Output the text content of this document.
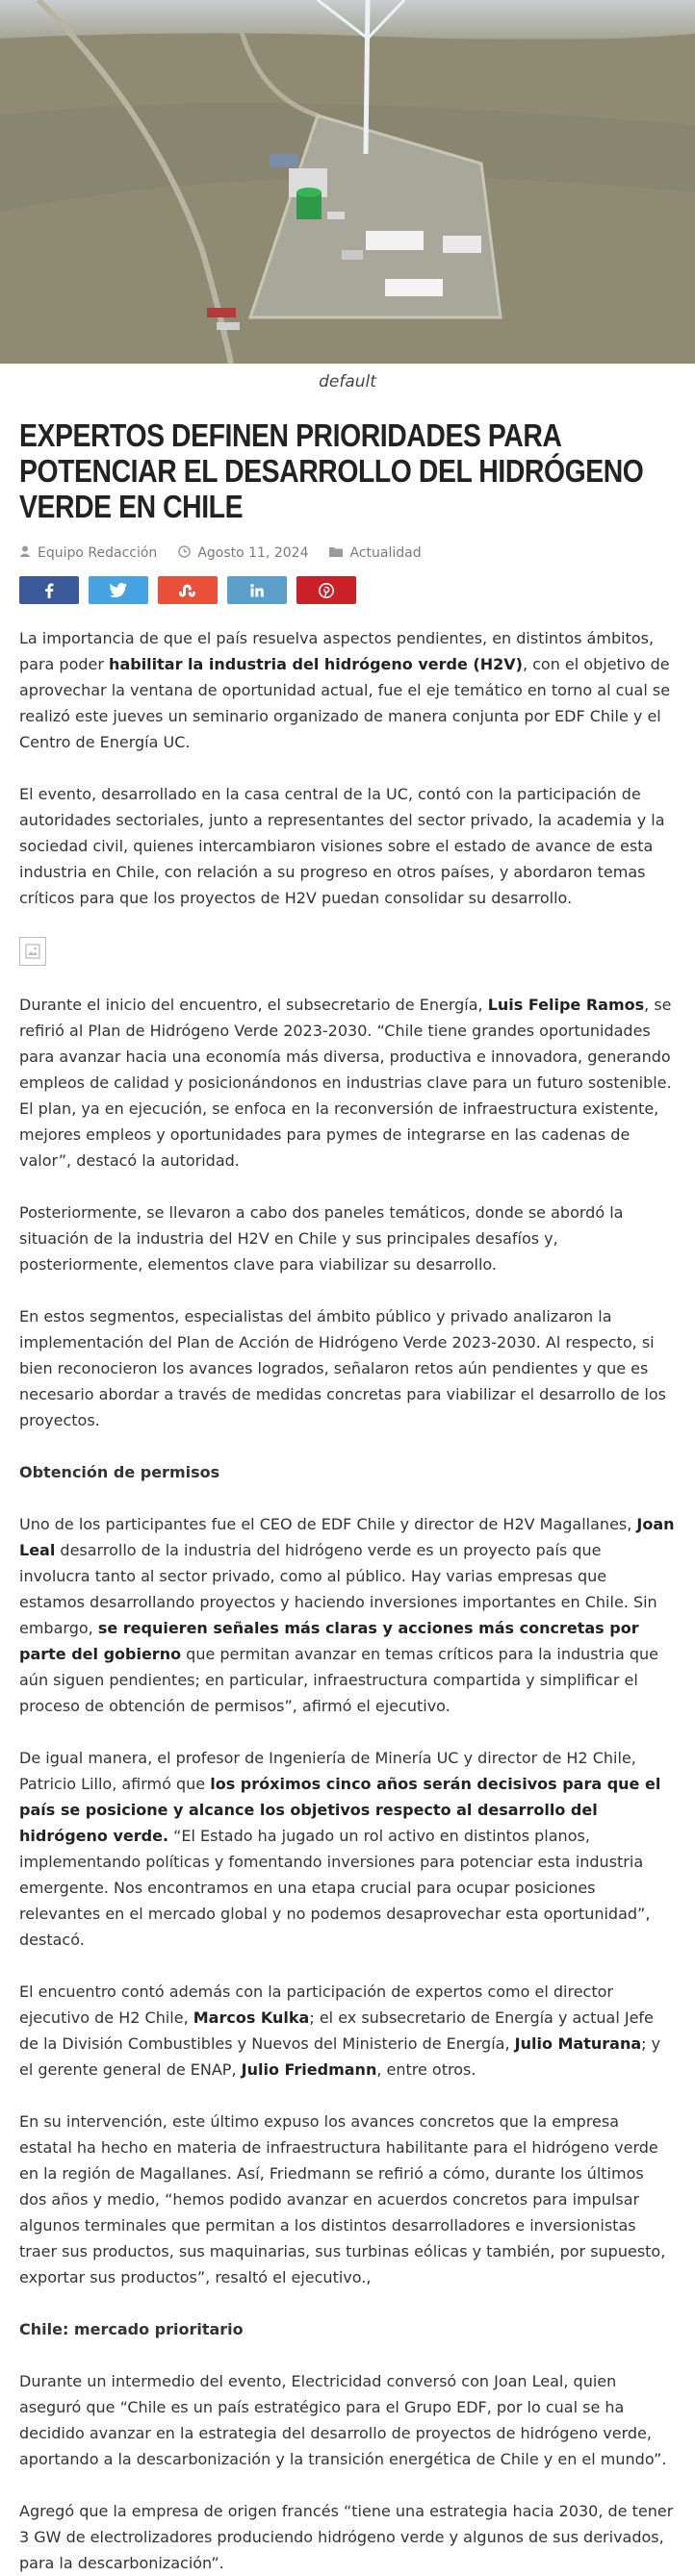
default
EXPERTOS DEFINEN PRIORIDADES PARA POTENCIAR EL DESARROLLO DEL HIDRÓGENO VERDE EN CHILE
Equipo Redacción	Agosto 11, 2024	Actualidad

La importancia de que el país resuelva aspectos pendientes, en distintos ámbitos, para poder habilitar la industria del hidrógeno verde (H2V), con el objetivo de aprovechar la ventana de oportunidad actual, fue el eje temático en torno al cual se realizó este jueves un seminario organizado de manera conjunta por EDF Chile y el Centro de Energía UC.

El evento, desarrollado en la casa central de la UC, contó con la participación de autoridades sectoriales, junto a representantes del sector privado, la academia y la sociedad civil, quienes intercambiaron visiones sobre el estado de avance de esta industria en Chile, con relación a su progreso en otros países, y abordaron temas críticos para que los proyectos de H2V puedan consolidar su desarrollo.

Durante el inicio del encuentro, el subsecretario de Energía, Luis Felipe Ramos, se refirió al Plan de Hidrógeno Verde 2023-2030. “Chile tiene grandes oportunidades para avanzar hacia una economía más diversa, productiva e innovadora, generando empleos de calidad y posicionándonos en industrias clave para un futuro sostenible. El plan, ya en ejecución, se enfoca en la reconversión de infraestructura existente, mejores empleos y oportunidades para pymes de integrarse en las cadenas de valor”, destacó la autoridad.

Posteriormente, se llevaron a cabo dos paneles temáticos, donde se abordó la situación de la industria del H2V en Chile y sus principales desafíos y, posteriormente, elementos clave para viabilizar su desarrollo.

En estos segmentos, especialistas del ámbito público y privado analizaron la implementación del Plan de Acción de Hidrógeno Verde 2023-2030. Al respecto, si bien reconocieron los avances logrados, señalaron retos aún pendientes y que es necesario abordar a través de medidas concretas para viabilizar el desarrollo de los proyectos.

Obtención de permisos

Uno de los participantes fue el CEO de EDF Chile y director de H2V Magallanes, Joan Leal desarrollo de la industria del hidrógeno verde es un proyecto país que involucra tanto al sector privado, como al público. Hay varias empresas que estamos desarrollando proyectos y haciendo inversiones importantes en Chile. Sin embargo, se requieren señales más claras y acciones más concretas por parte del gobierno que permitan avanzar en temas críticos para la industria que aún siguen pendientes; en particular, infraestructura compartida y simplificar el proceso de obtención de permisos”, afirmó el ejecutivo.

De igual manera, el profesor de Ingeniería de Minería UC y director de H2 Chile, Patricio Lillo, afirmó que los próximos cinco años serán decisivos para que el país se posicione y alcance los objetivos respecto al desarrollo del hidrógeno verde. “El Estado ha jugado un rol activo en distintos planos, implementando políticas y fomentando inversiones para potenciar esta industria emergente. Nos encontramos en una etapa crucial para ocupar posiciones relevantes en el mercado global y no podemos desaprovechar esta oportunidad”, destacó.

El encuentro contó además con la participación de expertos como el director ejecutivo de H2 Chile, Marcos Kulka; el ex subsecretario de Energía y actual Jefe de la División Combustibles y Nuevos del Ministerio de Energía, Julio Maturana; y el gerente general de ENAP, Julio Friedmann, entre otros.

En su intervención, este último expuso los avances concretos que la empresa estatal ha hecho en materia de infraestructura habilitante para el hidrógeno verde en la región de Magallanes. Así, Friedmann se refirió a cómo, durante los últimos dos años y medio, “hemos podido avanzar en acuerdos concretos para impulsar algunos terminales que permitan a los distintos desarrolladores e inversionistas traer sus productos, sus maquinarias, sus turbinas eólicas y también, por supuesto, exportar sus productos”, resaltó el ejecutivo.,

Chile: mercado prioritario

Durante un intermedio del evento, Electricidad conversó con Joan Leal, quien aseguró que “Chile es un país estratégico para el Grupo EDF, por lo cual se ha decidido avanzar en la estrategia del desarrollo de proyectos de hidrógeno verde, aportando a la descarbonización y la transición energética de Chile y en el mundo”.

Agregó que la empresa de origen francés “tiene una estrategia hacia 2030, de tener 3 GW de electrolizadores produciendo hidrógeno verde y algunos de sus derivados, para la descarbonización”.
